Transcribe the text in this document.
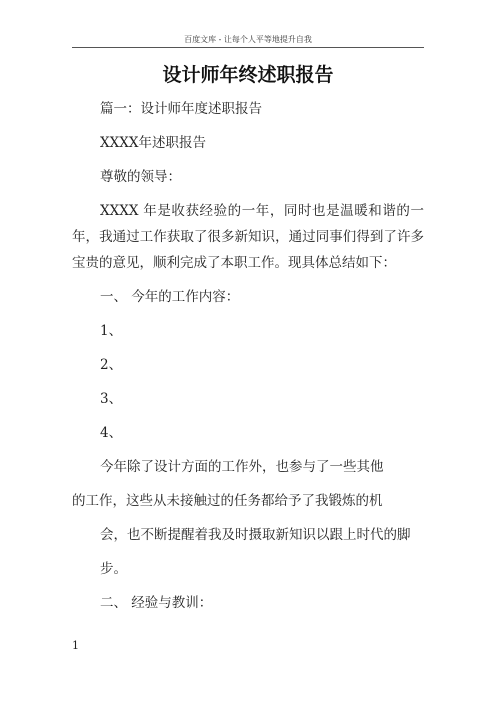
百度文库 - 让每个人平等地提升自我
设计师年终述职报告

篇一：设计师年度述职报告

XXXX年述职报告

尊敬的领导：

XXXX 年是收获经验的一年，同时也是温暖和谐的一年，我通过工作获取了很多新知识，通过同事们得到了许多宝贵的意见，顺利完成了本职工作。现具体总结如下：

一、 今年的工作内容：

1、

2、

3、

4、

今年除了设计方面的工作外，也参与了一些其他

的工作，这些从未接触过的任务都给予了我锻炼的机

会，也不断提醒着我及时摄取新知识以跟上时代的脚

步。

二、 经验与教训：

1
